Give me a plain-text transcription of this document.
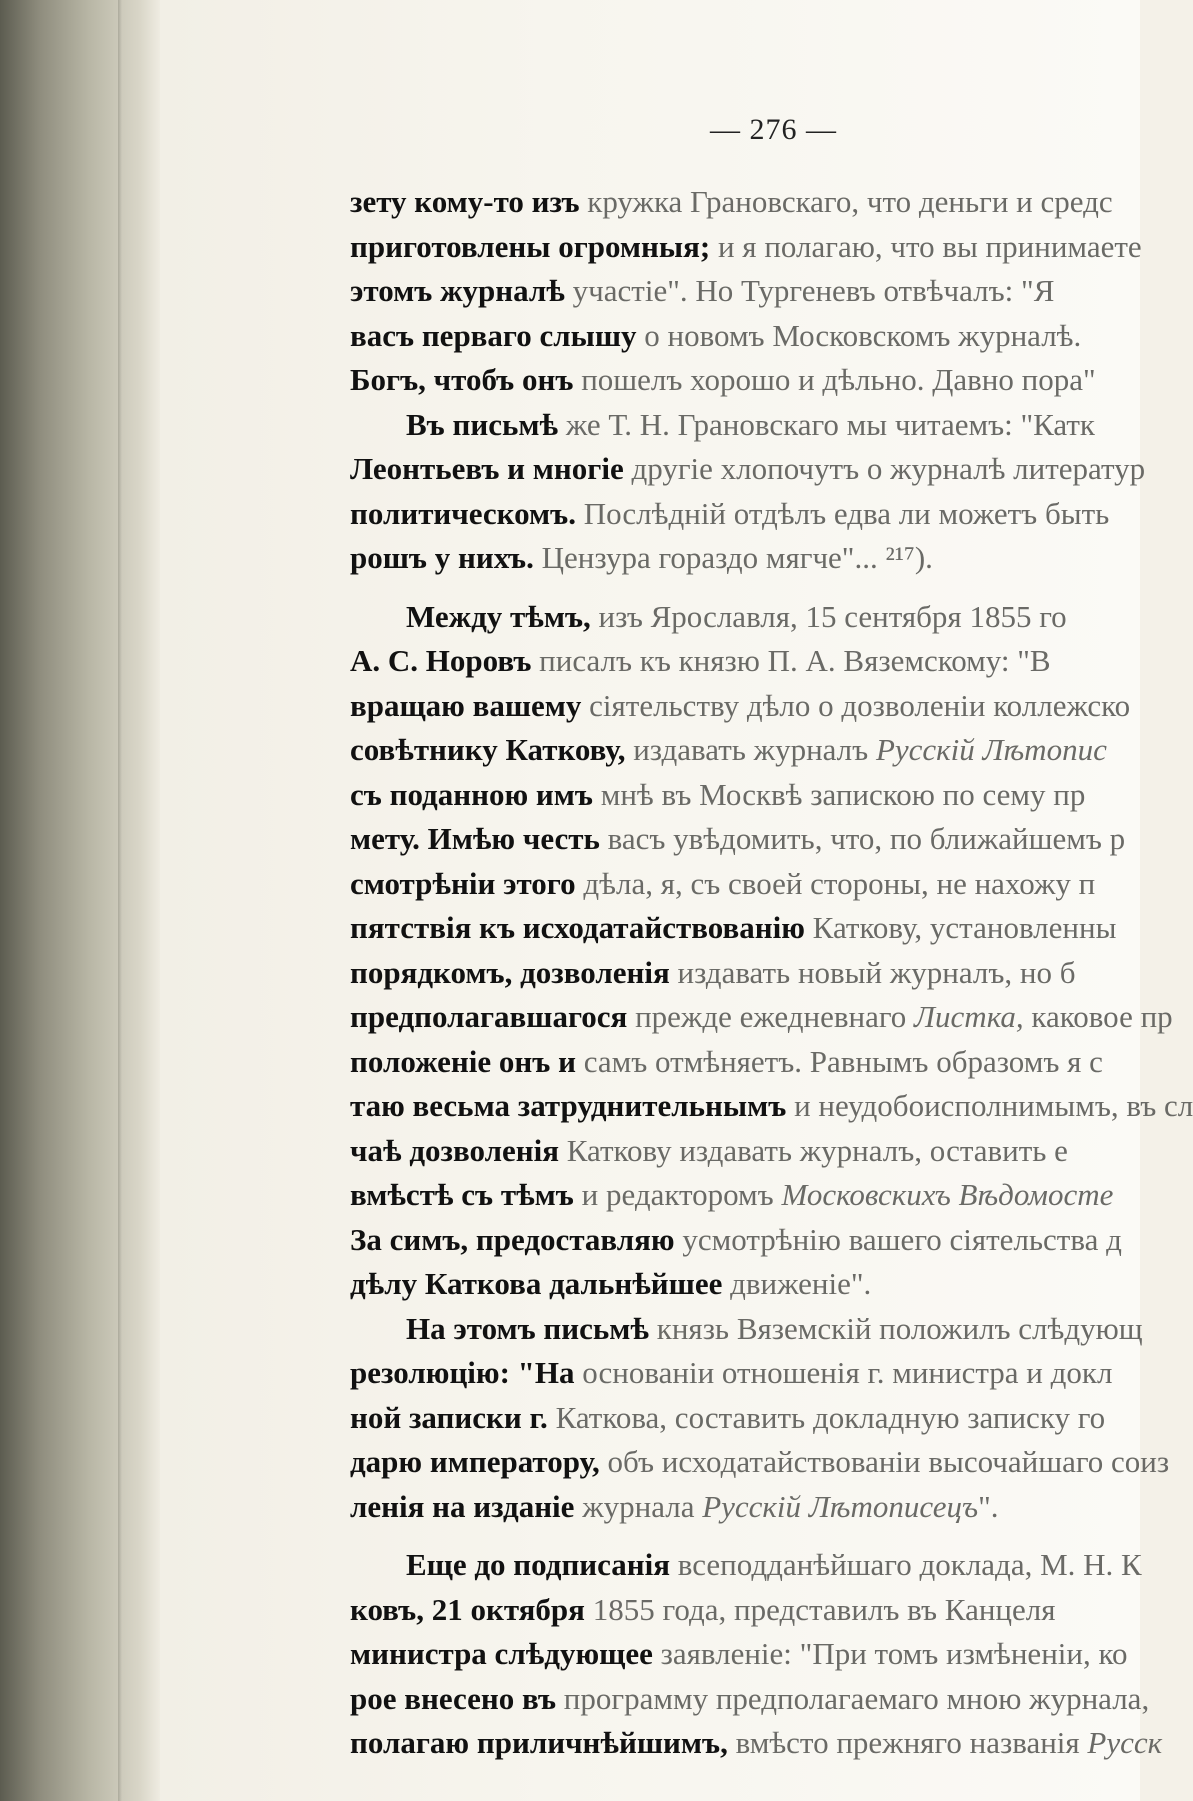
— 276 —
зету кому-то изъ кружка Грановскаго, что деньги и средс
приготовлены огромныя; и я полагаю, что вы принимаете
этомъ журналѣ участіе". Но Тургеневъ отвѣчалъ: "Я
васъ перваго слышу о новомъ Московскомъ журналѣ.
Богъ, чтобъ онъ пошелъ хорошо и дѣльно. Давно пора"
Въ письмѣ же Т. Н. Грановскаго мы читаемъ: "Катк
Леонтьевъ и многіе другіе хлопочутъ о журналѣ литератур
политическомъ. Послѣдній отдѣлъ едва ли можетъ быть
рошъ у нихъ. Цензура гораздо мягче"... ²¹⁷).
Между тѣмъ, изъ Ярославля, 15 сентября 1855 го
А. С. Норовъ писалъ къ князю П. А. Вяземскому: "В
вращаю вашему сіятельству дѣло о дозволеніи коллежско
совѣтнику Каткову, издавать журналъ Русскій Лѣтопис
съ поданною имъ мнѣ въ Москвѣ запискою по сему пр
мету. Имѣю честь васъ увѣдомить, что, по ближайшемъ р
смотрѣніи этого дѣла, я, съ своей стороны, не нахожу п
пятствія къ исходатайствованію Каткову, установленны
порядкомъ, дозволенія издавать новый журналъ, но б
предполагавшагося прежде ежедневнаго Листка, каковое пр
положеніе онъ и самъ отмѣняетъ. Равнымъ образомъ я с
таю весьма затруднительнымъ и неудобоисполнимымъ, въ сл
чаѣ дозволенія Каткову издавать журналъ, оставить е
вмѣстѣ съ тѣмъ и редакторомъ Московскихъ Вѣдомосте
За симъ, предоставляю усмотрѣнію вашего сіятельства д
дѣлу Каткова дальнѣйшее движеніе".
На этомъ письмѣ князь Вяземскій положилъ слѣдующ
резолюцію: "На основаніи отношенія г. министра и докл
ной записки г. Каткова, составить докладную записку го
дарю императору, объ исходатайствованіи высочайшаго соиз
ленія на изданіе журнала Русскій Лѣтописецъ".
Еще до подписанія всеподданѣйшаго доклада, М. Н. К
ковъ, 21 октября 1855 года, представилъ въ Канцеля
министра слѣдующее заявленіе: "При томъ измѣненіи, ко
рое внесено въ программу предполагаемаго мною журнала,
полагаю приличнѣйшимъ, вмѣсто прежняго названія Русск
